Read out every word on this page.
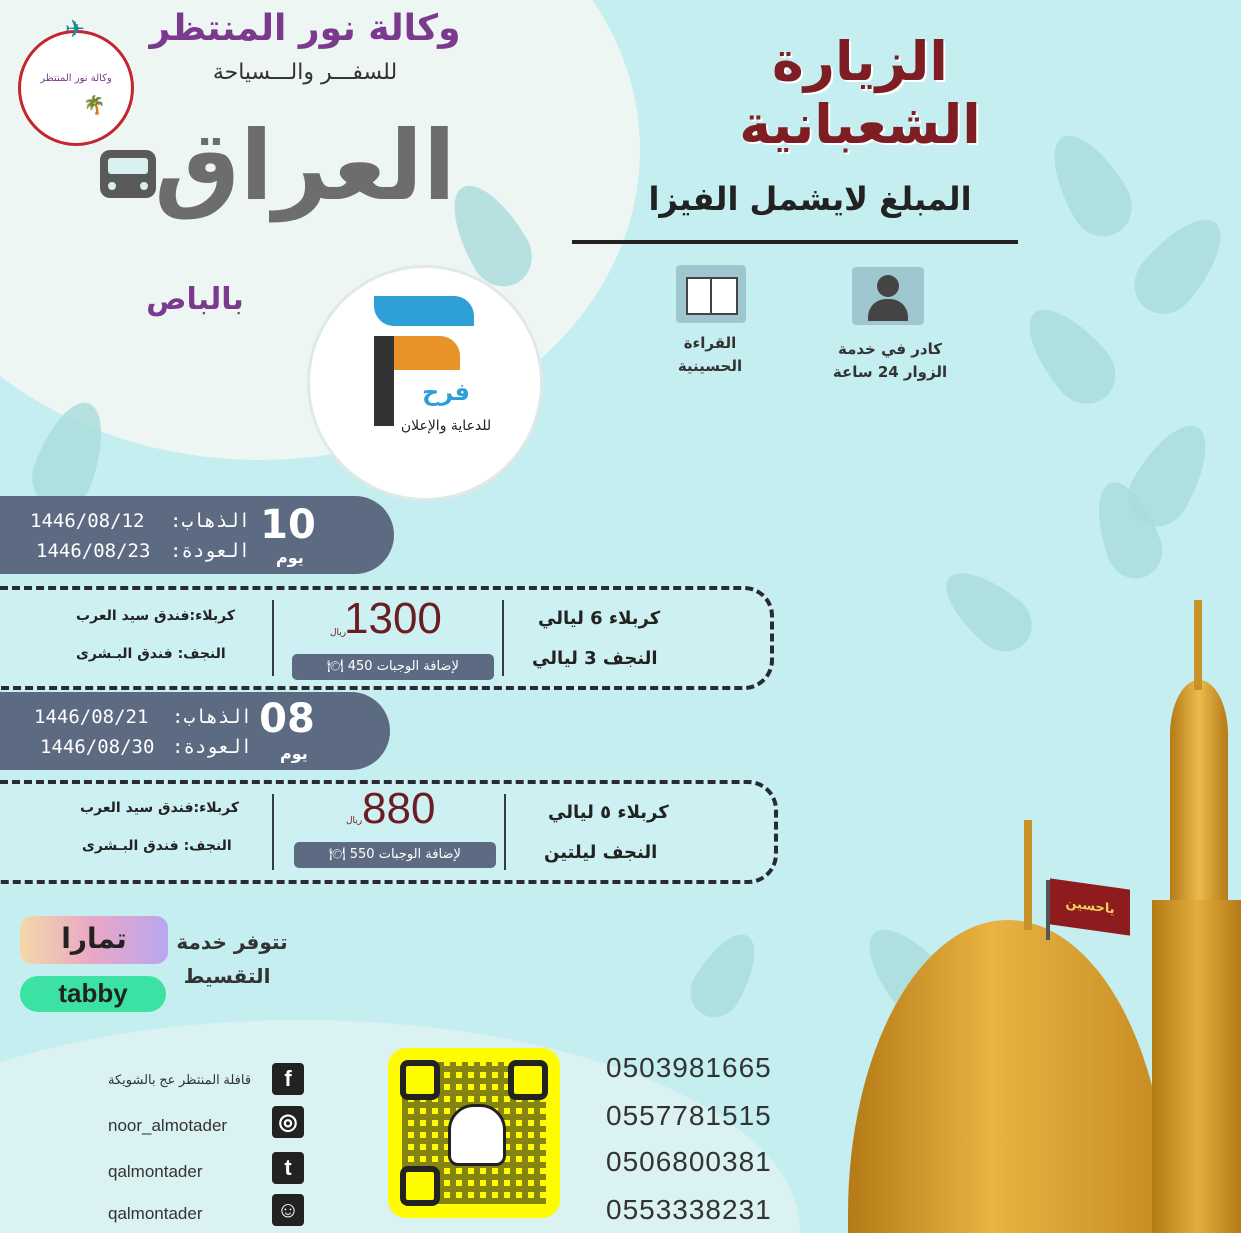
ياحسين
✈
وكالة نور المنتظر
🌴
وكالة نور المنتظر
للسفـــر والـــسياحة
العراق
بالباص
الزيارة الشعبانية
المبلغ لايشمل الفيزا
كادر في خدمة
الزوار 24 ساعة
القراءة
الحسينية
فرح
للدعاية والإعلان
10
يوم
الذهاب:
1446/08/12
العودة:
1446/08/23
كربلاء 6 ليالي
النجف 3 ليالي
1300
ريال
لإضافة الوجبات 450 🍽
كربلاء:فندق سيد العرب
النجف: فندق البـشرى
08
يوم
الذهاب:
1446/08/21
العودة:
1446/08/30
كربلاء ٥ ليالي
النجف ليلتين
880
ريال
لإضافة الوجبات 550 🍽
كربلاء:فندق سيد العرب
النجف: فندق البـشرى
تمارا
tabby
تتوفر خدمة
التقسيط
f
قافلة المنتظر عج بالشويكة
◎
noor_almotader
t
qalmontader
☺
qalmontader
0503981665
0557781515
0506800381
0553338231
